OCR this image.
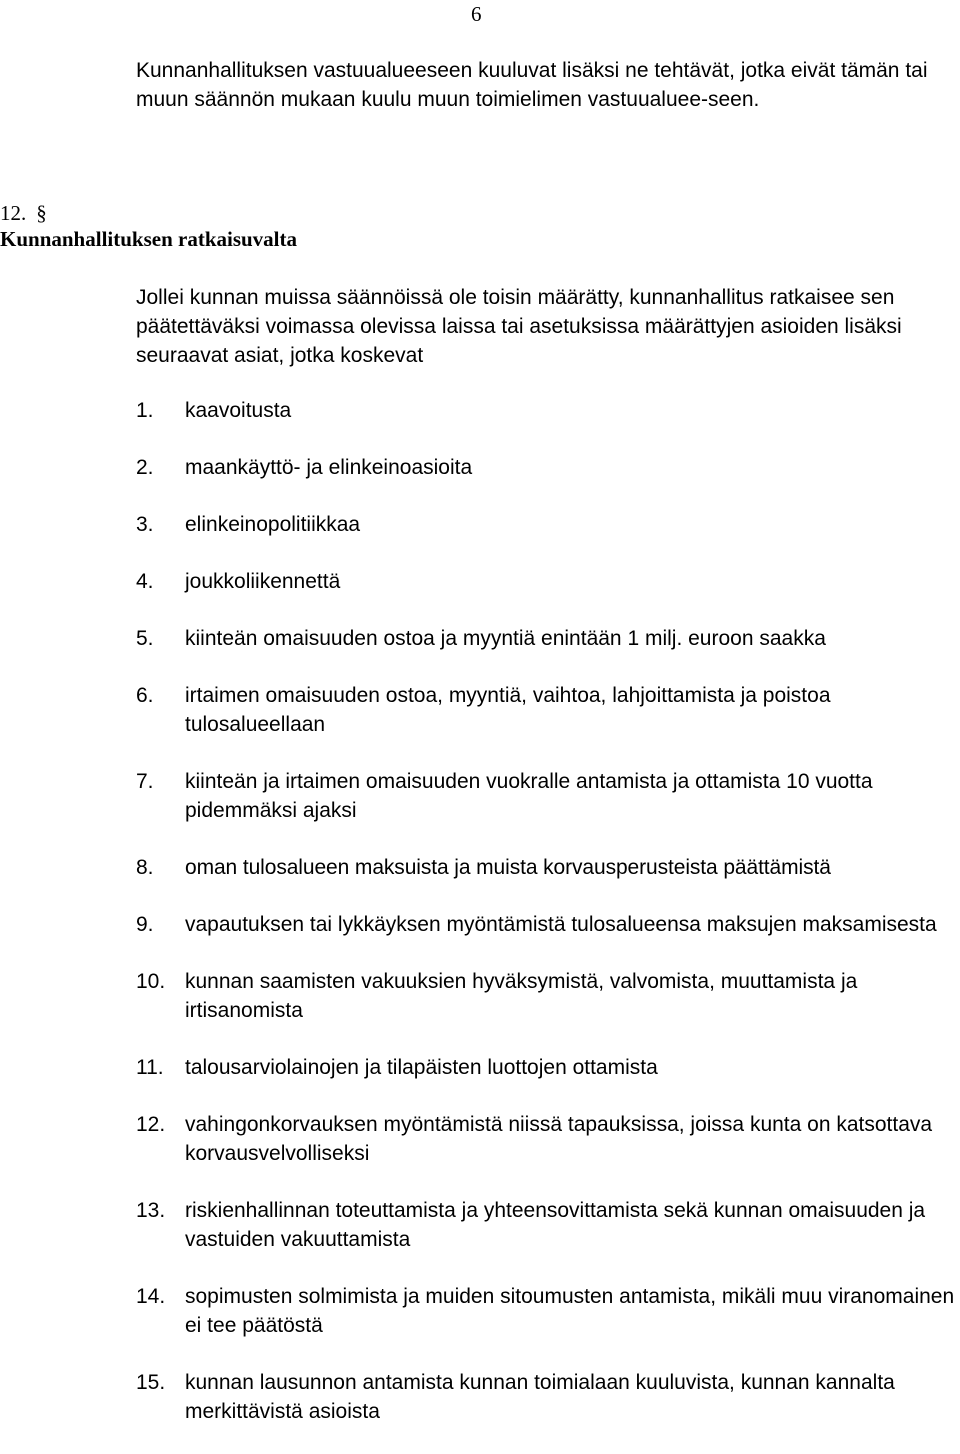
6
Kunnanhallituksen vastuualueeseen kuuluvat lisäksi ne tehtävät, jotka eivät tämän tai muun säännön mukaan kuulu muun toimielimen vastuualuee-seen.
12. §
Kunnanhallituksen ratkaisuvalta
Jollei kunnan muissa säännöissä ole toisin määrätty, kunnanhallitus ratkaisee sen päätettäväksi voimassa olevissa laissa tai asetuksissa määrättyjen asioiden lisäksi seuraavat asiat, jotka koskevat
1.	kaavoitusta
2.	maankäyttö- ja elinkeinoasioita
3.	elinkeinopolitiikkaa
4.	joukkoliikennettä
5.	kiinteän omaisuuden ostoa ja myyntiä enintään 1 milj. euroon saakka
6.	irtaimen omaisuuden ostoa, myyntiä, vaihtoa, lahjoittamista ja poistoa tulosalueellaan
7.	kiinteän ja irtaimen omaisuuden vuokralle antamista ja ottamista 10 vuotta pidemmäksi ajaksi
8.	oman tulosalueen maksuista ja muista korvausperusteista päättämistä
9.	vapautuksen tai lykkäyksen myöntämistä tulosalueensa maksujen maksamisesta
10. kunnan saamisten vakuuksien hyväksymistä, valvomista, muuttamista ja irtisanomista
11.	talousarviolainojen ja tilapäisten luottojen ottamista
12. vahingonkorvauksen myöntämistä niissä tapauksissa, joissa kunta on katsottava korvausvelvolliseksi
13. riskienhallinnan toteuttamista ja yhteensovittamista sekä kunnan omaisuuden ja vastuiden vakuuttamista
14. sopimusten solmimista ja muiden sitoumusten antamista, mikäli muu viranomainen ei tee päätöstä
15. kunnan lausunnon antamista kunnan toimialaan kuuluvista, kunnan kannalta merkittävistä asioista
